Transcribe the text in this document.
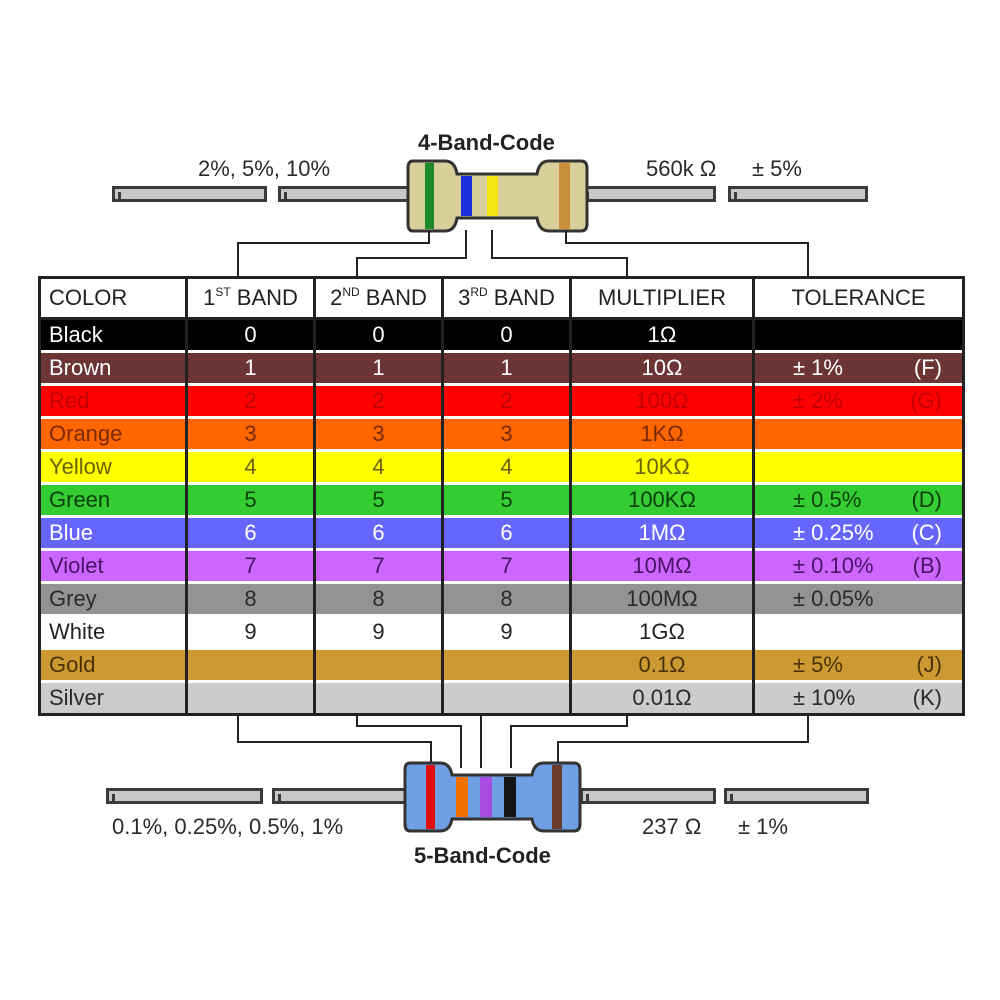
4-Band-Code
2%, 5%, 10%	560k Ω ± 5%
COLOR	1ST BAND	2ND BAND	3RD BAND	MULTIPLIER	TOLERANCE
Black	0	0	0	1Ω	

Brown	1	1	1	10Ω	± 1% (F)

Red	2	2	2	100Ω	± 2% (G)

Orange	3	3	3	1KΩ	

Yellow	4	4	4	10KΩ	

Green	5	5	5	100KΩ	± 0.5% (D)

Blue	6	6	6	1MΩ	± 0.25% (C)

Violet	7	7	7	10MΩ	± 0.10% (B)

Grey	8	8	8	100MΩ	± 0.05%

White	9	9	9	1GΩ	

Gold				0.1Ω	± 5% (J)

Silver				0.01Ω	± 10% (K)
0.1%, 0.25%, 0.5%, 1%	237 Ω ± 1%
5-Band-Code
